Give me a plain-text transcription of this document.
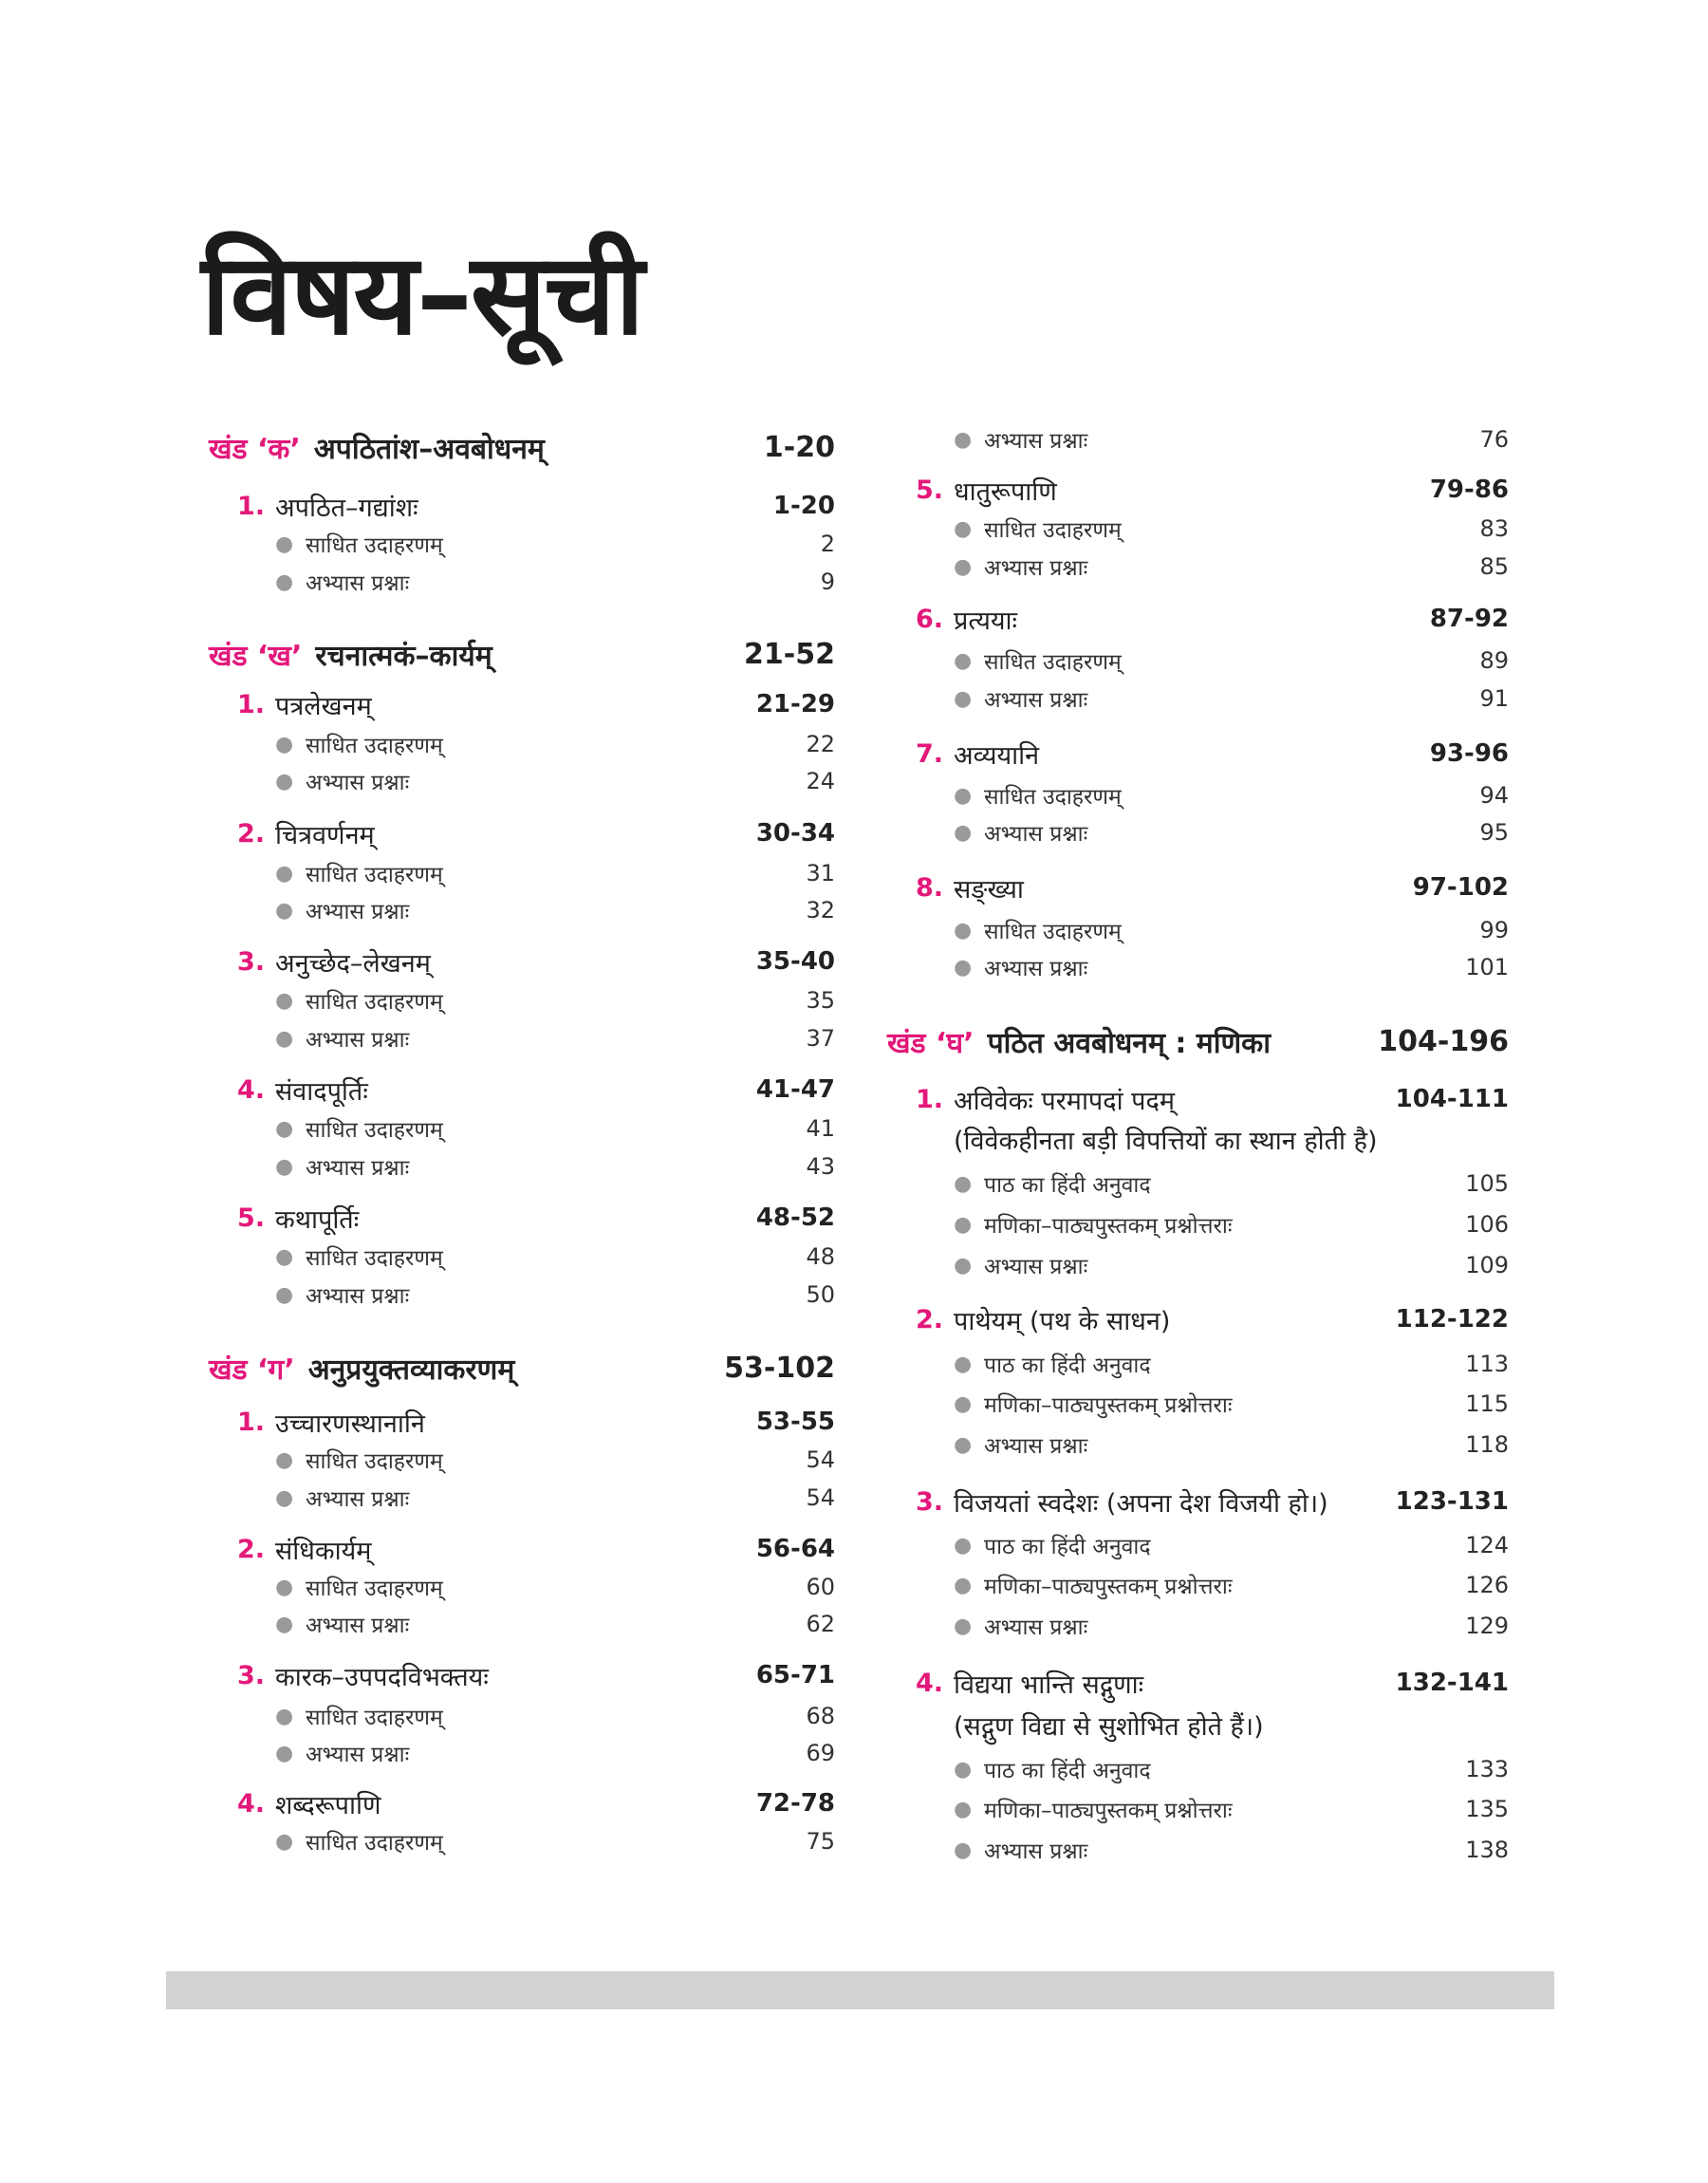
विषय–सूची
खंड ‘क’ अपठितांश–अवबोधनम्	1-20
1. अपठित–गद्यांशः	1-20
● साधित उदाहरणम्	2
● अभ्यास प्रश्नाः	9
खंड ‘ख’ रचनात्मकं–कार्यम्	21-52
1. पत्रलेखनम्	21-29
● साधित उदाहरणम्	22
● अभ्यास प्रश्नाः	24
2. चित्रवर्णनम्	30-34
● साधित उदाहरणम्	31
● अभ्यास प्रश्नाः	32
3. अनुच्छेद–लेखनम्	35-40
● साधित उदाहरणम्	35
● अभ्यास प्रश्नाः	37
4. संवादपूर्तिः	41-47
● साधित उदाहरणम्	41
● अभ्यास प्रश्नाः	43
5. कथापूर्तिः	48-52
● साधित उदाहरणम्	48
● अभ्यास प्रश्नाः	50
खंड ‘ग’ अनुप्रयुक्तव्याकरणम्	53-102
1. उच्चारणस्थानानि	53-55
● साधित उदाहरणम्	54
● अभ्यास प्रश्नाः	54
2. संधिकार्यम्	56-64
● साधित उदाहरणम्	60
● अभ्यास प्रश्नाः	62
3. कारक–उपपदविभक्तयः	65-71
● साधित उदाहरणम्	68
● अभ्यास प्रश्नाः	69
4. शब्दरूपाणि	72-78
● साधित उदाहरणम्	75
● अभ्यास प्रश्नाः	76
5. धातुरूपाणि	79-86
● साधित उदाहरणम्	83
● अभ्यास प्रश्नाः	85
6. प्रत्ययाः	87-92
● साधित उदाहरणम्	89
● अभ्यास प्रश्नाः	91
7. अव्ययानि	93-96
● साधित उदाहरणम्	94
● अभ्यास प्रश्नाः	95
8. सङ्ख्या	97-102
● साधित उदाहरणम्	99
● अभ्यास प्रश्नाः	101
खंड ‘घ’ पठित अवबोधनम् : मणिका	104-196
1. अविवेकः परमापदां पदम्	104-111
(विवेकहीनता बड़ी विपत्तियों का स्थान होती है)
● पाठ का हिंदी अनुवाद	105
● मणिका–पाठ्यपुस्तकम् प्रश्नोत्तराः	106
● अभ्यास प्रश्नाः	109
2. पाथेयम् (पथ के साधन)	112-122
● पाठ का हिंदी अनुवाद	113
● मणिका–पाठ्यपुस्तकम् प्रश्नोत्तराः	115
● अभ्यास प्रश्नाः	118
3. विजयतां स्वदेशः (अपना देश विजयी हो।)	123-131
● पाठ का हिंदी अनुवाद	124
● मणिका–पाठ्यपुस्तकम् प्रश्नोत्तराः	126
● अभ्यास प्रश्नाः	129
4. विद्यया भान्ति सद्गुणाः	132-141
(सद्गुण विद्या से सुशोभित होते हैं।)
● पाठ का हिंदी अनुवाद	133
● मणिका–पाठ्यपुस्तकम् प्रश्नोत्तराः	135
● अभ्यास प्रश्नाः	138
